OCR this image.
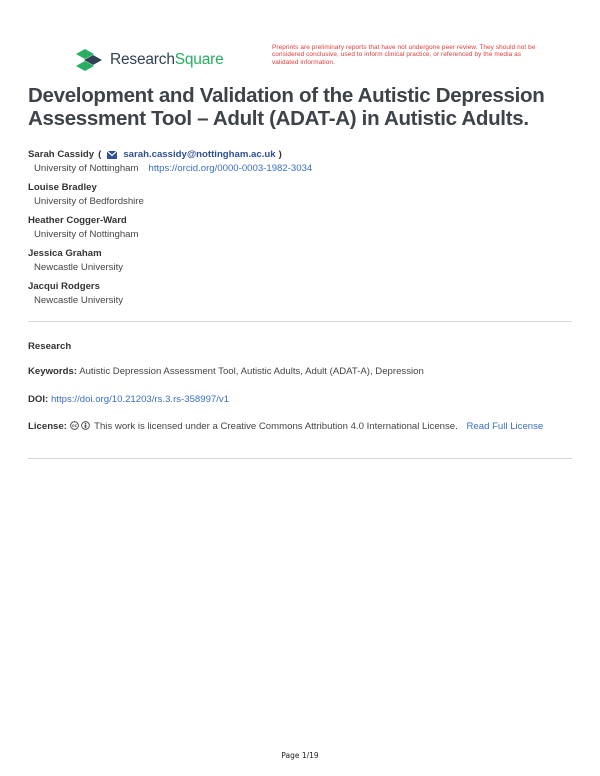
ResearchSquare
Preprints are preliminary reports that have not undergone peer review. They should not be considered conclusive, used to inform clinical practice, or referenced by the media as validated information.
Development and Validation of the Autistic Depression Assessment Tool – Adult (ADAT-A) in Autistic Adults.
Sarah Cassidy ( sarah.cassidy@nottingham.ac.uk )
University of Nottingham https://orcid.org/0000-0003-1982-3034
Louise Bradley
University of Bedfordshire
Heather Cogger-Ward
University of Nottingham
Jessica Graham
Newcastle University
Jacqui Rodgers
Newcastle University
Research
Keywords: Autistic Depression Assessment Tool, Autistic Adults, Adult (ADAT-A), Depression
DOI: https://doi.org/10.21203/rs.3.rs-358997/v1
License: cc This work is licensed under a Creative Commons Attribution 4.0 International License. Read Full License
Page 1/19
